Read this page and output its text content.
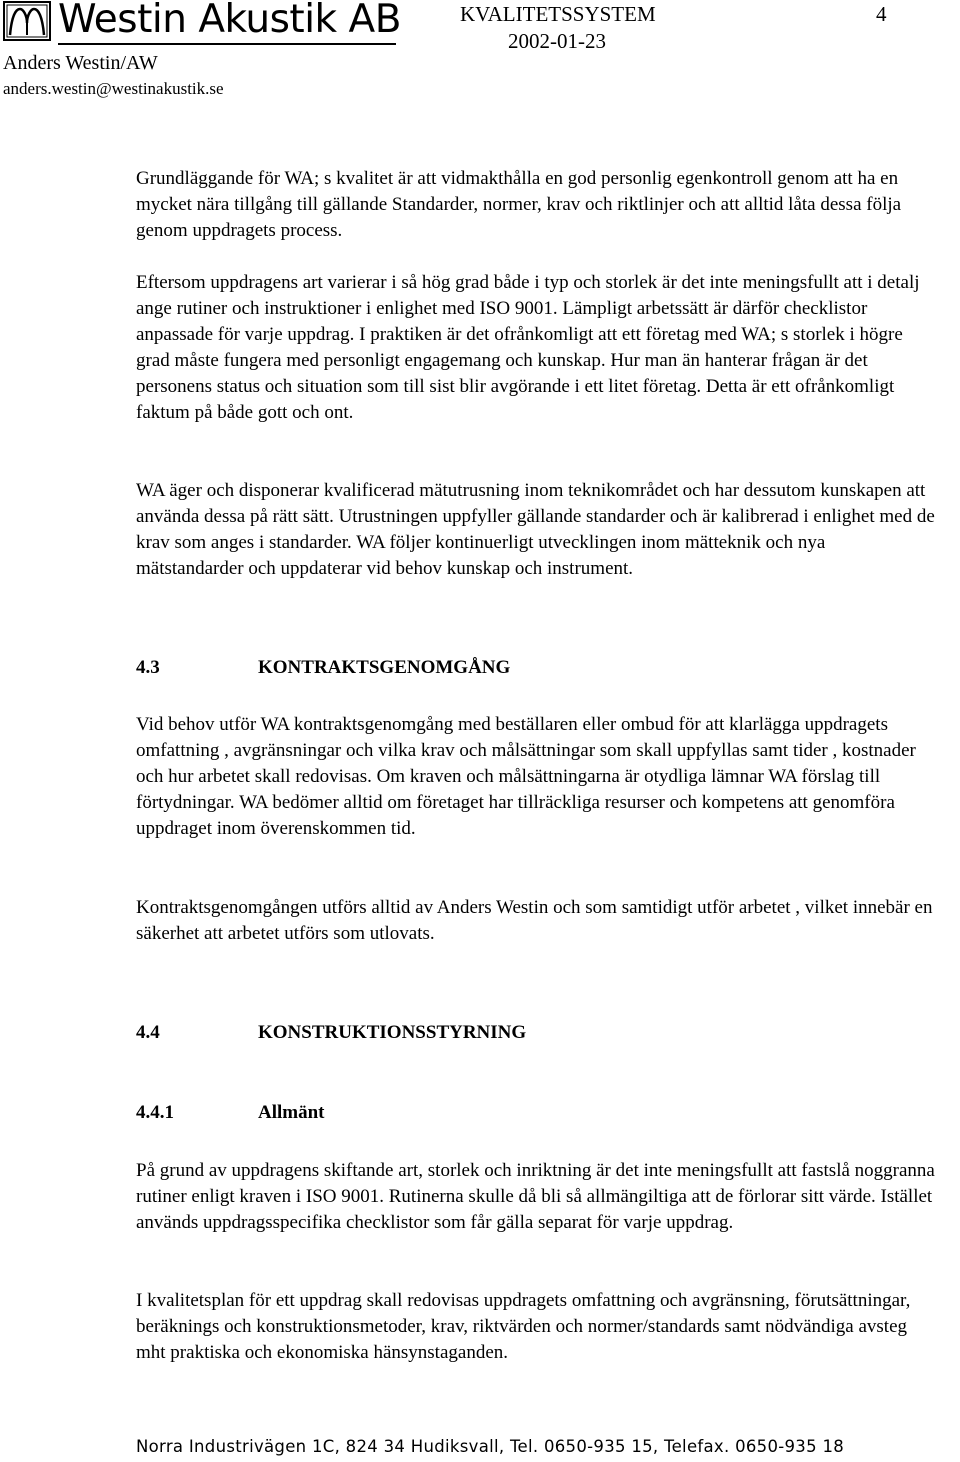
Westin Akustik AB	KVALITETSSYSTEM
2002-01-23
4
Anders Westin/AW
anders.westin@westinakustik.se

Grundläggande för WA; s kvalitet är att vidmakthålla en god personlig egenkontroll genom att ha en mycket nära tillgång till gällande Standarder, normer, krav och riktlinjer och att alltid låta dessa följa genom uppdragets process.

Eftersom uppdragens art varierar i så hög grad både i typ och storlek är det inte meningsfullt att i detalj ange rutiner och instruktioner i enlighet med ISO 9001. Lämpligt arbetssätt är därför checklistor anpassade för varje uppdrag. I praktiken är det ofrånkomligt att ett företag med WA; s storlek i högre grad måste fungera med personligt engagemang och kunskap. Hur man än hanterar frågan är det personens status och situation som till sist blir avgörande i ett litet företag. Detta är ett ofrånkomligt faktum på både gott och ont.

WA äger och disponerar kvalificerad mätutrusning inom teknikområdet och har dessutom kunskapen att använda dessa på rätt sätt. Utrustningen uppfyller gällande standarder och är kalibrerad i enlighet med de krav som anges i standarder. WA följer kontinuerligt utvecklingen inom mätteknik och nya mätstandarder och uppdaterar vid behov kunskap och instrument.

4.3	KONTRAKTSGENOMGÅNG

Vid behov utför WA kontraktsgenomgång med beställaren eller ombud för att klarlägga uppdragets omfattning , avgränsningar och vilka krav och målsättningar som skall uppfyllas samt tider , kostnader och hur arbetet skall redovisas. Om kraven och målsättningarna är otydliga lämnar WA förslag till förtydningar. WA bedömer alltid om företaget har tillräckliga resurser och kompetens att genomföra uppdraget inom överenskommen tid.

Kontraktsgenomgången utförs alltid av Anders Westin och som samtidigt utför arbetet , vilket innebär en säkerhet att arbetet utförs som utlovats.

4.4	KONSTRUKTIONSSTYRNING
4.4.1	Allmänt

På grund av uppdragens skiftande art, storlek och inriktning är det inte meningsfullt att fastslå noggranna rutiner enligt kraven i ISO 9001. Rutinerna skulle då bli så allmängiltiga att de förlorar sitt värde. Istället används uppdragsspecifika checklistor som får gälla separat för varje uppdrag.

I kvalitetsplan för ett uppdrag skall redovisas uppdragets omfattning och avgränsning, förutsättningar, beräknings och konstruktionsmetoder, krav, riktvärden och normer/standards samt nödvändiga avsteg mht praktiska och ekonomiska hänsynstaganden.

Norra Industrivägen 1C, 824 34 Hudiksvall, Tel. 0650-935 15, Telefax. 0650-935 18
